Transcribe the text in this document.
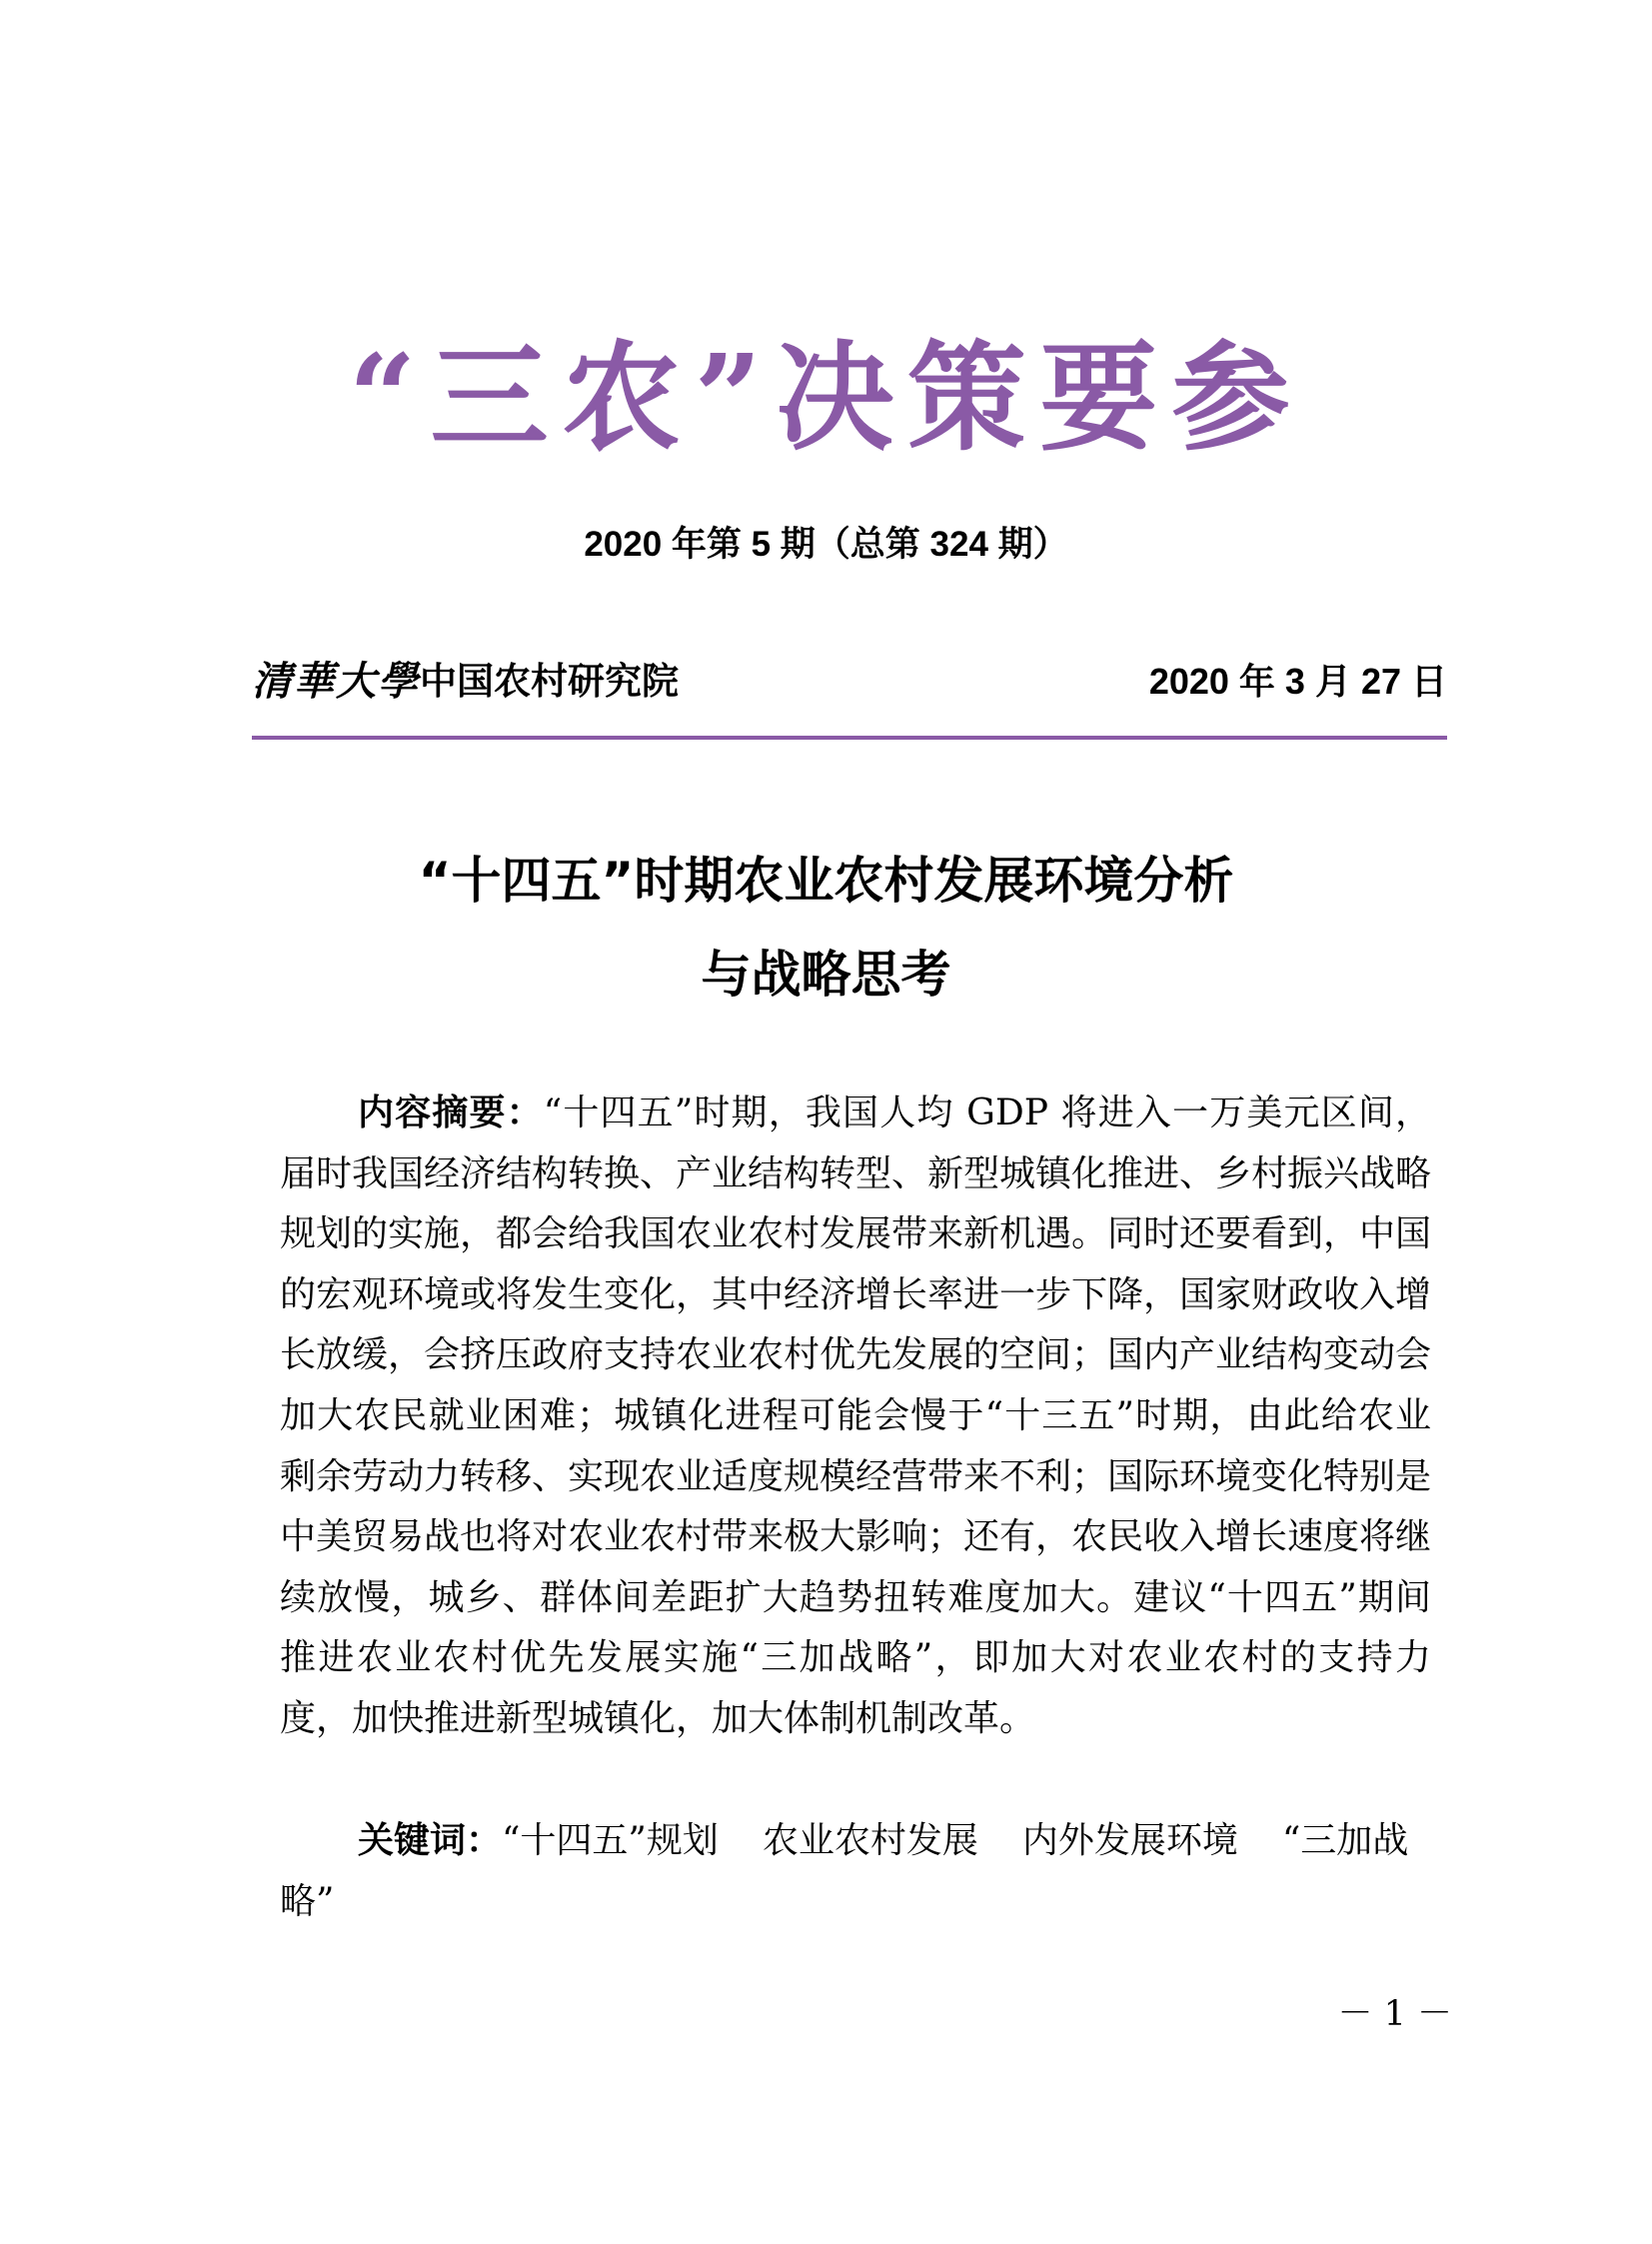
“三农”决策要参
2020 年第 5 期（总第 324 期）
清華大學 中国农村研究院	2020 年 3 月 27 日
“十四五”时期农业农村发展环境分析
与战略思考

内容摘要：“十四五”时期，我国人均 GDP 将进入一万美元区间，届时我国经济结构转换、产业结构转型、新型城镇化推进、乡村振兴战略规划的实施，都会给我国农业农村发展带来新机遇。同时还要看到，中国的宏观环境或将发生变化，其中经济增长率进一步下降，国家财政收入增长放缓，会挤压政府支持农业农村优先发展的空间；国内产业结构变动会加大农民就业困难；城镇化进程可能会慢于“十三五”时期，由此给农业剩余劳动力转移、实现农业适度规模经营带来不利；国际环境变化特别是中美贸易战也将对农业农村带来极大影响；还有，农民收入增长速度将继续放慢，城乡、群体间差距扩大趋势扭转难度加大。建议“十四五”期间推进农业农村优先发展实施“三加战略”，即加大对农业农村的支持力度，加快推进新型城镇化，加大体制机制改革。

关键词：“十四五”规划 农业农村发展 内外发展环境 “三加战略”

－ 1 －
